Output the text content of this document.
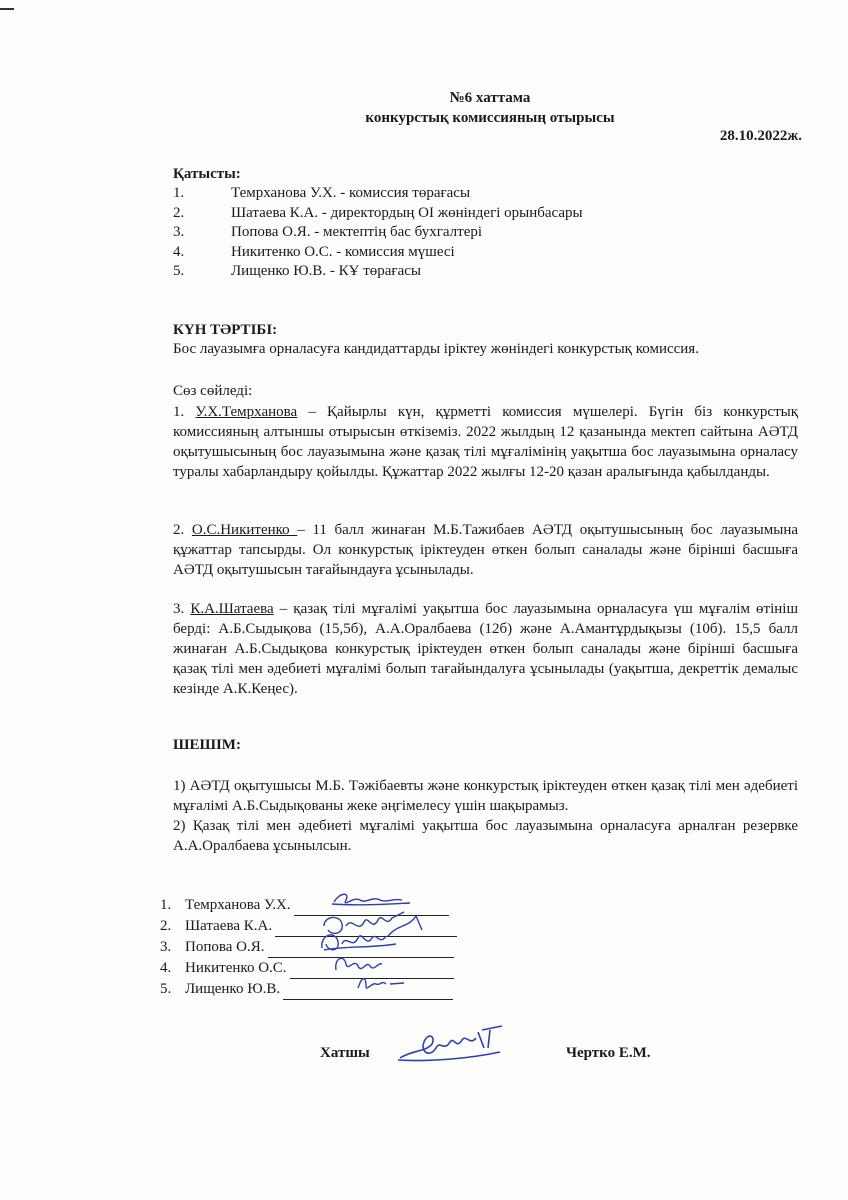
№6 хаттама
конкурстық комиссияның отырысы
28.10.2022ж.
Қатысты:
1.	Темрханова У.Х. - комиссия төрағасы
2.	Шатаева К.А. - директордың ОІ жөніндегі орынбасары
3.	Попова О.Я. - мектептің бас бухгалтері
4.	Никитенко О.С. - комиссия мүшесі
5.	Лищенко Ю.В. - КҰ төрағасы
КҮН ТӘРТІБІ:
Бос лауазымға орналасуға кандидаттарды іріктеу жөніндегі конкурстық комиссия.
Сөз сөйледі:
1. У.Х.Темрханова – Қайырлы күн, құрметті комиссия мүшелері. Бүгін біз конкурстық комиссияның алтыншы отырысын өткіземіз. 2022 жылдың 12 қазанында мектеп сайтына АӘТД оқытушысының бос лауазымына және қазақ тілі мұғалімінің уақытша бос лауазымына орналасу туралы хабарландыру қойылды. Құжаттар 2022 жылғы 12-20 қазан аралығында қабылданды.
2. О.С.Никитенко – 11 балл жинаған М.Б.Тажибаев АӘТД оқытушысының бос лауазымына құжаттар тапсырды. Ол конкурстық іріктеуден өткен болып саналады және бірінші басшыға АӘТД оқытушысын тағайындауға ұсынылады.
3. К.А.Шатаева – қазақ тілі мұғалімі уақытша бос лауазымына орналасуға үш мұғалім өтініш берді: А.Б.Сыдықова (15,5б), А.А.Оралбаева (12б) және А.Амантұрдықызы (10б). 15,5 балл жинаған А.Б.Сыдықова конкурстық іріктеуден өткен болып саналады және бірінші басшыға қазақ тілі мен әдебиеті мұғалімі болып тағайындалуға ұсынылады (уақытша, декреттік демалыс кезінде А.К.Кеңес).
ШЕШІМ:
1) АӘТД оқытушысы М.Б. Тәжібаевты және конкурстық іріктеуден өткен қазақ тілі мен әдебиеті мұғалімі А.Б.Сыдықованы жеке әңгімелесу үшін шақырамыз.
2) Қазақ тілі мен әдебиеті мұғалімі уақытша бос лауазымына орналасуға арналған резервке А.А.Оралбаева ұсынылсын.
1. Темрханова У.Х.
2. Шатаева К.А.
3. Попова О.Я.
4. Никитенко О.С.
5. Лищенко Ю.В.
Хатшы	Чертко Е.М.
